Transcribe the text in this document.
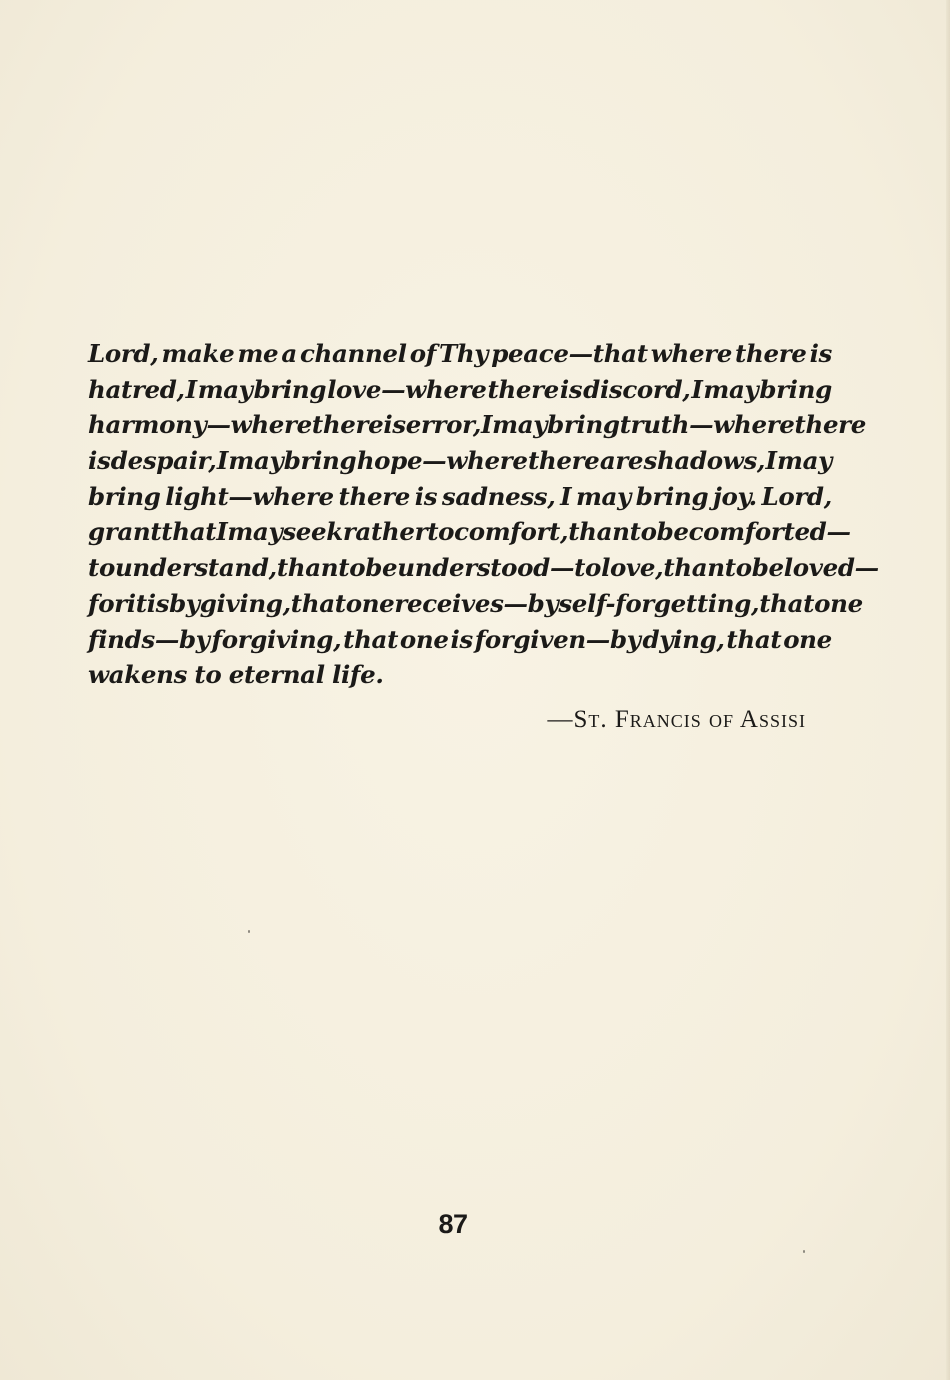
Lord, make me a channel of Thy peace—that where there is
hatred, I may bring love—where there is discord, I may bring
harmony—where there is error, I may bring truth—where there
is despair, I may bring hope—where there are shadows, I may
bring light—where there is sadness, I may bring joy. Lord,
grant that I may seek rather to comfort, than to be comforted—
to understand, than to be understood—to love, than to be loved—
for it is by giving, that one receives—by self-forgetting, that one
finds—by forgiving, that one is forgiven—by dying, that one
wakens to eternal life.
—St. Francis of Assisi
87
